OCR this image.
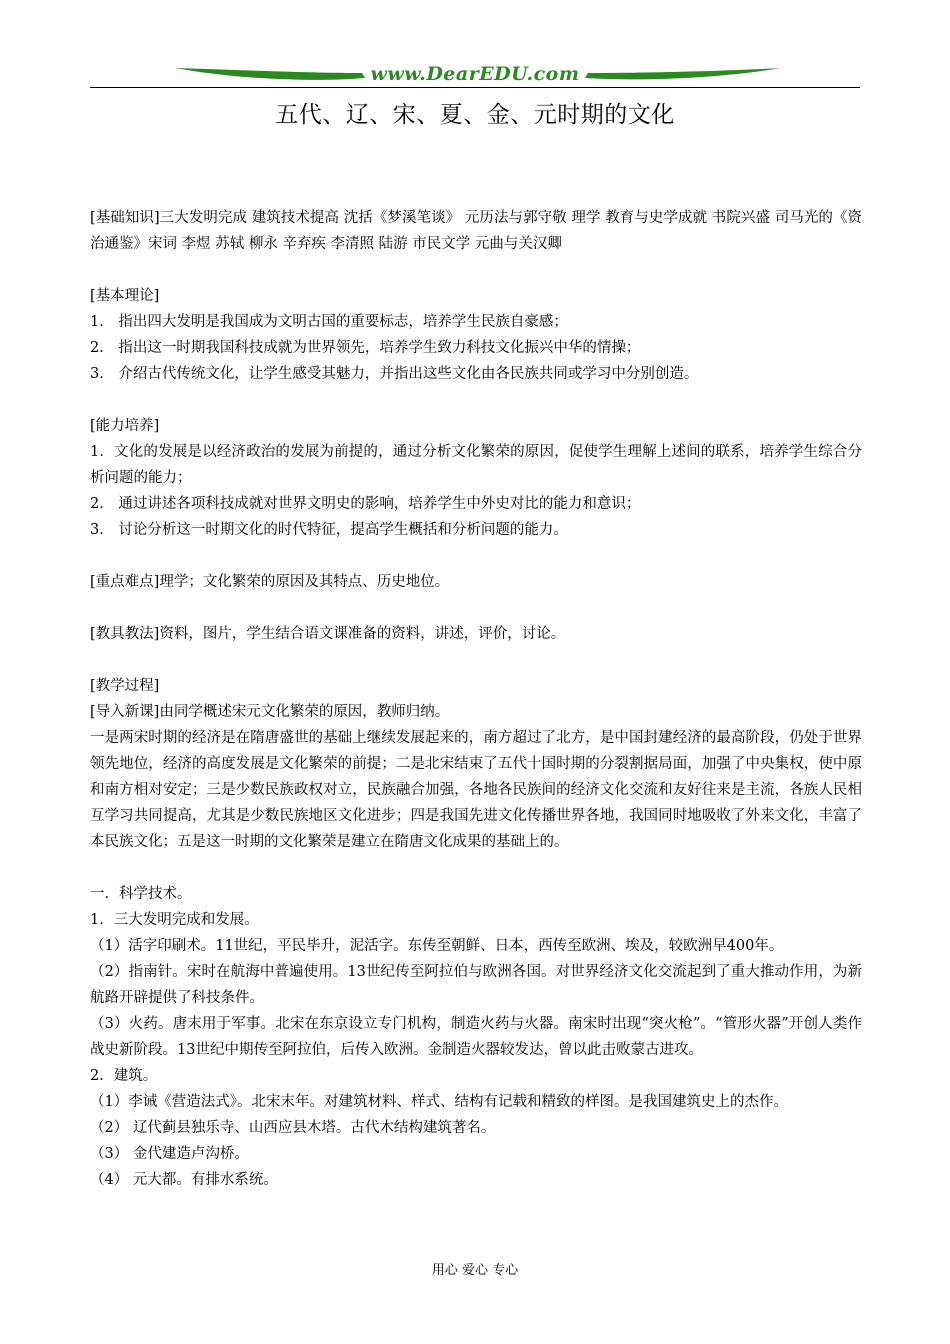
www.DearEDU.com
五代、辽、宋、夏、金、元时期的文化

[基础知识]三大发明完成 建筑技术提高 沈括《梦溪笔谈》 元历法与郭守敬 理学 教育与史学成就 书院兴盛 司马光的《资治通鉴》宋词 李煜 苏轼 柳永 辛弃疾 李清照 陆游 市民文学 元曲与关汉卿

[基本理论]

1． 指出四大发明是我国成为文明古国的重要标志，培养学生民族自豪感；

2． 指出这一时期我国科技成就为世界领先，培养学生致力科技文化振兴中华的情操；

3． 介绍古代传统文化，让学生感受其魅力，并指出这些文化由各民族共同或学习中分别创造。

[能力培养]

1．文化的发展是以经济政治的发展为前提的，通过分析文化繁荣的原因，促使学生理解上述间的联系，培养学生综合分析问题的能力；

2． 通过讲述各项科技成就对世界文明史的影响，培养学生中外史对比的能力和意识；

3． 讨论分析这一时期文化的时代特征，提高学生概括和分析问题的能力。

[重点难点]理学；文化繁荣的原因及其特点、历史地位。

[教具教法]资料，图片，学生结合语文课准备的资料，讲述，评价，讨论。

[教学过程]

[导入新课]由同学概述宋元文化繁荣的原因，教师归纳。

一是两宋时期的经济是在隋唐盛世的基础上继续发展起来的，南方超过了北方，是中国封建经济的最高阶段，仍处于世界领先地位，经济的高度发展是文化繁荣的前提；二是北宋结束了五代十国时期的分裂割据局面，加强了中央集权，使中原和南方相对安定；三是少数民族政权对立，民族融合加强，各地各民族间的经济文化交流和友好往来是主流，各族人民相互学习共同提高，尤其是少数民族地区文化进步；四是我国先进文化传播世界各地，我国同时地吸收了外来文化，丰富了本民族文化；五是这一时期的文化繁荣是建立在隋唐文化成果的基础上的。

一．科学技术。

1．三大发明完成和发展。

（1）活字印刷术。11世纪，平民毕升，泥活字。东传至朝鲜、日本，西传至欧洲、埃及，较欧洲早400年。

（2）指南针。宋时在航海中普遍使用。13世纪传至阿拉伯与欧洲各国。对世界经济文化交流起到了重大推动作用，为新航路开辟提供了科技条件。

（3）火药。唐末用于军事。北宋在东京设立专门机构，制造火药与火器。南宋时出现“突火枪”。“管形火器”开创人类作战史新阶段。13世纪中期传至阿拉伯，后传入欧洲。金制造火器较发达，曾以此击败蒙古进攻。

2．建筑。

（1）李诫《营造法式》。北宋末年。对建筑材料、样式、结构有记载和精致的样图。是我国建筑史上的杰作。

（2） 辽代蓟县独乐寺、山西应县木塔。古代木结构建筑著名。

（3） 金代建造卢沟桥。

（4） 元大都。有排水系统。

用心 爱心 专心
